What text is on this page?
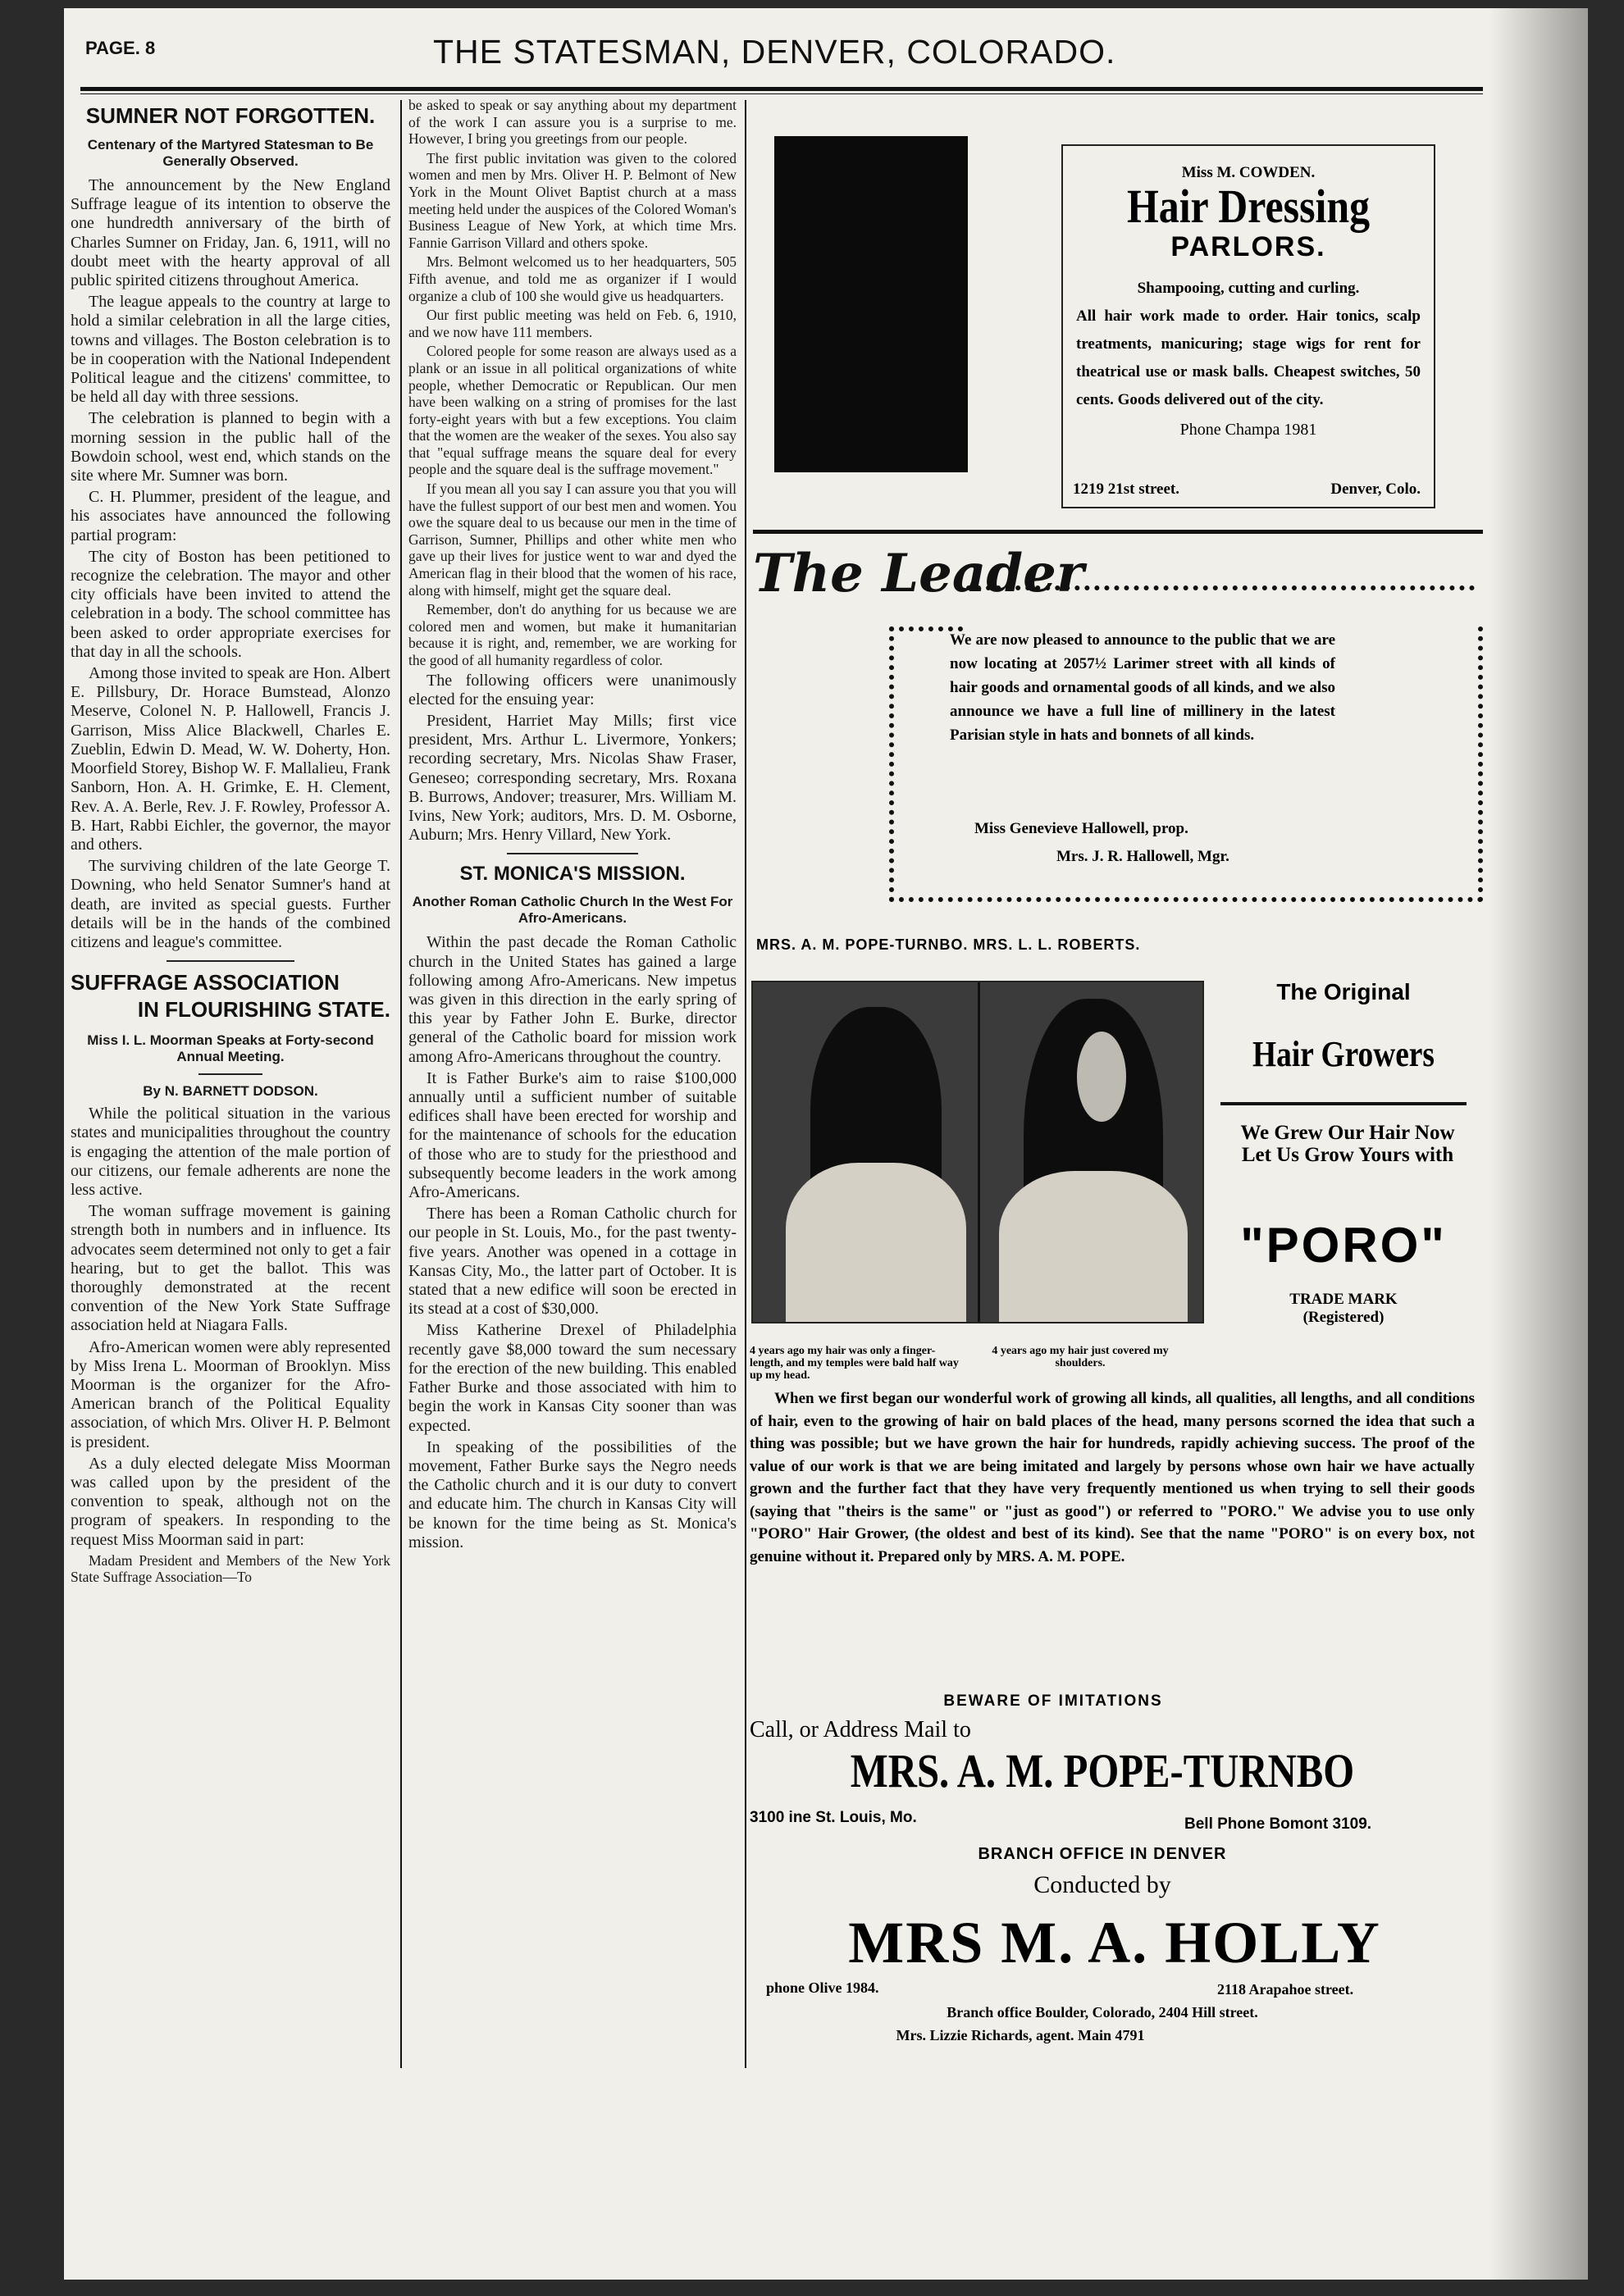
PAGE. 8	THE STATESMAN, DENVER, COLORADO.
SUMNER NOT FORGOTTEN.
Centenary of the Martyred Statesman to Be Generally Observed.

The announcement by the New England Suffrage league of its intention to observe the one hundredth anniversary of the birth of Charles Sumner on Friday, Jan. 6, 1911, will no doubt meet with the hearty approval of all public spirited citizens throughout America.

The league appeals to the country at large to hold a similar celebration in all the large cities, towns and villages. The Boston celebration is to be in cooperation with the National Independent Political league and the citizens' committee, to be held all day with three sessions.

The celebration is planned to begin with a morning session in the public hall of the Bowdoin school, west end, which stands on the site where Mr. Sumner was born.

C. H. Plummer, president of the league, and his associates have announced the following partial program:

The city of Boston has been petitioned to recognize the celebration. The mayor and other city officials have been invited to attend the celebration in a body. The school committee has been asked to order appropriate exercises for that day in all the schools.

Among those invited to speak are Hon. Albert E. Pillsbury, Dr. Horace Bumstead, Alonzo Meserve, Colonel N. P. Hallowell, Francis J. Garrison, Miss Alice Blackwell, Charles E. Zueblin, Edwin D. Mead, W. W. Doherty, Hon. Moorfield Storey, Bishop W. F. Mallalieu, Frank Sanborn, Hon. A. H. Grimke, E. H. Clement, Rev. A. A. Berle, Rev. J. F. Rowley, Professor A. B. Hart, Rabbi Eichler, the governor, the mayor and others.

The surviving children of the late George T. Downing, who held Senator Sumner's hand at death, are invited as special guests. Further details will be in the hands of the combined citizens and league's committee.

SUFFRAGE ASSOCIATION
IN FLOURISHING STATE.
Miss I. L. Moorman Speaks at Forty-second Annual Meeting.
By N. BARNETT DODSON.

While the political situation in the various states and municipalities throughout the country is engaging the attention of the male portion of our citizens, our female adherents are none the less active.

The woman suffrage movement is gaining strength both in numbers and in influence. Its advocates seem determined not only to get a fair hearing, but to get the ballot. This was thoroughly demonstrated at the recent convention of the New York State Suffrage association held at Niagara Falls.

Afro-American women were ably represented by Miss Irena L. Moorman of Brooklyn. Miss Moorman is the organizer for the Afro-American branch of the Political Equality association, of which Mrs. Oliver H. P. Belmont is president.

As a duly elected delegate Miss Moorman was called upon by the president of the convention to speak, although not on the program of speakers. In responding to the request Miss Moorman said in part:

Madam President and Members of the New York State Suffrage Association—To

be asked to speak or say anything about my department of the work I can assure you is a surprise to me. However, I bring you greetings from our people.

The first public invitation was given to the colored women and men by Mrs. Oliver H. P. Belmont of New York in the Mount Olivet Baptist church at a mass meeting held under the auspices of the Colored Woman's Business League of New York, at which time Mrs. Fannie Garrison Villard and others spoke.

Mrs. Belmont welcomed us to her headquarters, 505 Fifth avenue, and told me as organizer if I would organize a club of 100 she would give us headquarters.

Our first public meeting was held on Feb. 6, 1910, and we now have 111 members.

Colored people for some reason are always used as a plank or an issue in all political organizations of white people, whether Democratic or Republican. Our men have been walking on a string of promises for the last forty-eight years with but a few exceptions. You claim that the women are the weaker of the sexes. You also say that "equal suffrage means the square deal for every people and the square deal is the suffrage movement."

If you mean all you say I can assure you that you will have the fullest support of our best men and women. You owe the square deal to us because our men in the time of Garrison, Sumner, Phillips and other white men who gave up their lives for justice went to war and dyed the American flag in their blood that the women of his race, along with himself, might get the square deal.

Remember, don't do anything for us because we are colored men and women, but make it humanitarian because it is right, and, remember, we are working for the good of all humanity regardless of color.

The following officers were unanimously elected for the ensuing year:

President, Harriet May Mills; first vice president, Mrs. Arthur L. Livermore, Yonkers; recording secretary, Mrs. Nicolas Shaw Fraser, Geneseo; corresponding secretary, Mrs. Roxana B. Burrows, Andover; treasurer, Mrs. William M. Ivins, New York; auditors, Mrs. D. M. Osborne, Auburn; Mrs. Henry Villard, New York.

ST. MONICA'S MISSION.
Another Roman Catholic Church In the West For Afro-Americans.

Within the past decade the Roman Catholic church in the United States has gained a large following among Afro-Americans. New impetus was given in this direction in the early spring of this year by Father John E. Burke, director general of the Catholic board for mission work among Afro-Americans throughout the country.

It is Father Burke's aim to raise $100,000 annually until a sufficient number of suitable edifices shall have been erected for worship and for the maintenance of schools for the education of those who are to study for the priesthood and subsequently become leaders in the work among Afro-Americans.

There has been a Roman Catholic church for our people in St. Louis, Mo., for the past twenty-five years. Another was opened in a cottage in Kansas City, Mo., the latter part of October. It is stated that a new edifice will soon be erected in its stead at a cost of $30,000.

Miss Katherine Drexel of Philadelphia recently gave $8,000 toward the sum necessary for the erection of the new building. This enabled Father Burke and those associated with him to begin the work in Kansas City sooner than was expected.

In speaking of the possibilities of the movement, Father Burke says the Negro needs the Catholic church and it is our duty to convert and educate him. The church in Kansas City will be known for the time being as St. Monica's mission.

Miss M. COWDEN.
Hair Dressing
PARLORS.
Shampooing, cutting and curling.
All hair work made to order. Hair tonics, scalp treatments, manicuring; stage wigs for rent for theatrical use or mask balls. Cheapest switches, 50 cents. Goods delivered out of the city.
Phone Champa 1981
1219 21st street.	Denver, Colo.
The Leader
We are now pleased to announce to the public that we are now locating at 2057½ Larimer street with all kinds of hair goods and ornamental goods of all kinds, and we also announce we have a full line of millinery in the latest Parisian style in hats and bonnets of all kinds.
Miss Genevieve Hallowell, prop.
Mrs. J. R. Hallowell, Mgr.
MRS. A. M. POPE-TURNBO. MRS. L. L. ROBERTS.
The Original
Hair Growers
We Grew Our Hair Now Let Us Grow Yours with
"PORO"
TRADE MARK
(Registered)
4 years ago my hair was only a finger-length, and my temples were bald half way up my head.
4 years ago my hair just covered my shoulders.
When we first began our wonderful work of growing all kinds, all qualities, all lengths, and all conditions of hair, even to the growing of hair on bald places of the head, many persons scorned the idea that such a thing was possible; but we have grown the hair for hundreds, rapidly achieving success. The proof of the value of our work is that we are being imitated and largely by persons whose own hair we have actually grown and the further fact that they have very frequently mentioned us when trying to sell their goods (saying that "theirs is the same" or "just as good") or referred to "PORO." We advise you to use only "PORO" Hair Grower, (the oldest and best of its kind). See that the name "PORO" is on every box, not genuine without it. Prepared only by MRS. A. M. POPE.
BEWARE OF IMITATIONS
Call, or Address Mail to
MRS. A. M. POPE-TURNBO
3100 ine St. Louis, Mo.	Bell Phone Bomont 3109.
BRANCH OFFICE IN DENVER
Conducted by
MRS M. A. HOLLY
phone Olive 1984.	2118 Arapahoe street.
Branch office Boulder, Colorado, 2404 Hill street.
Mrs. Lizzie Richards, agent. Main 4791
